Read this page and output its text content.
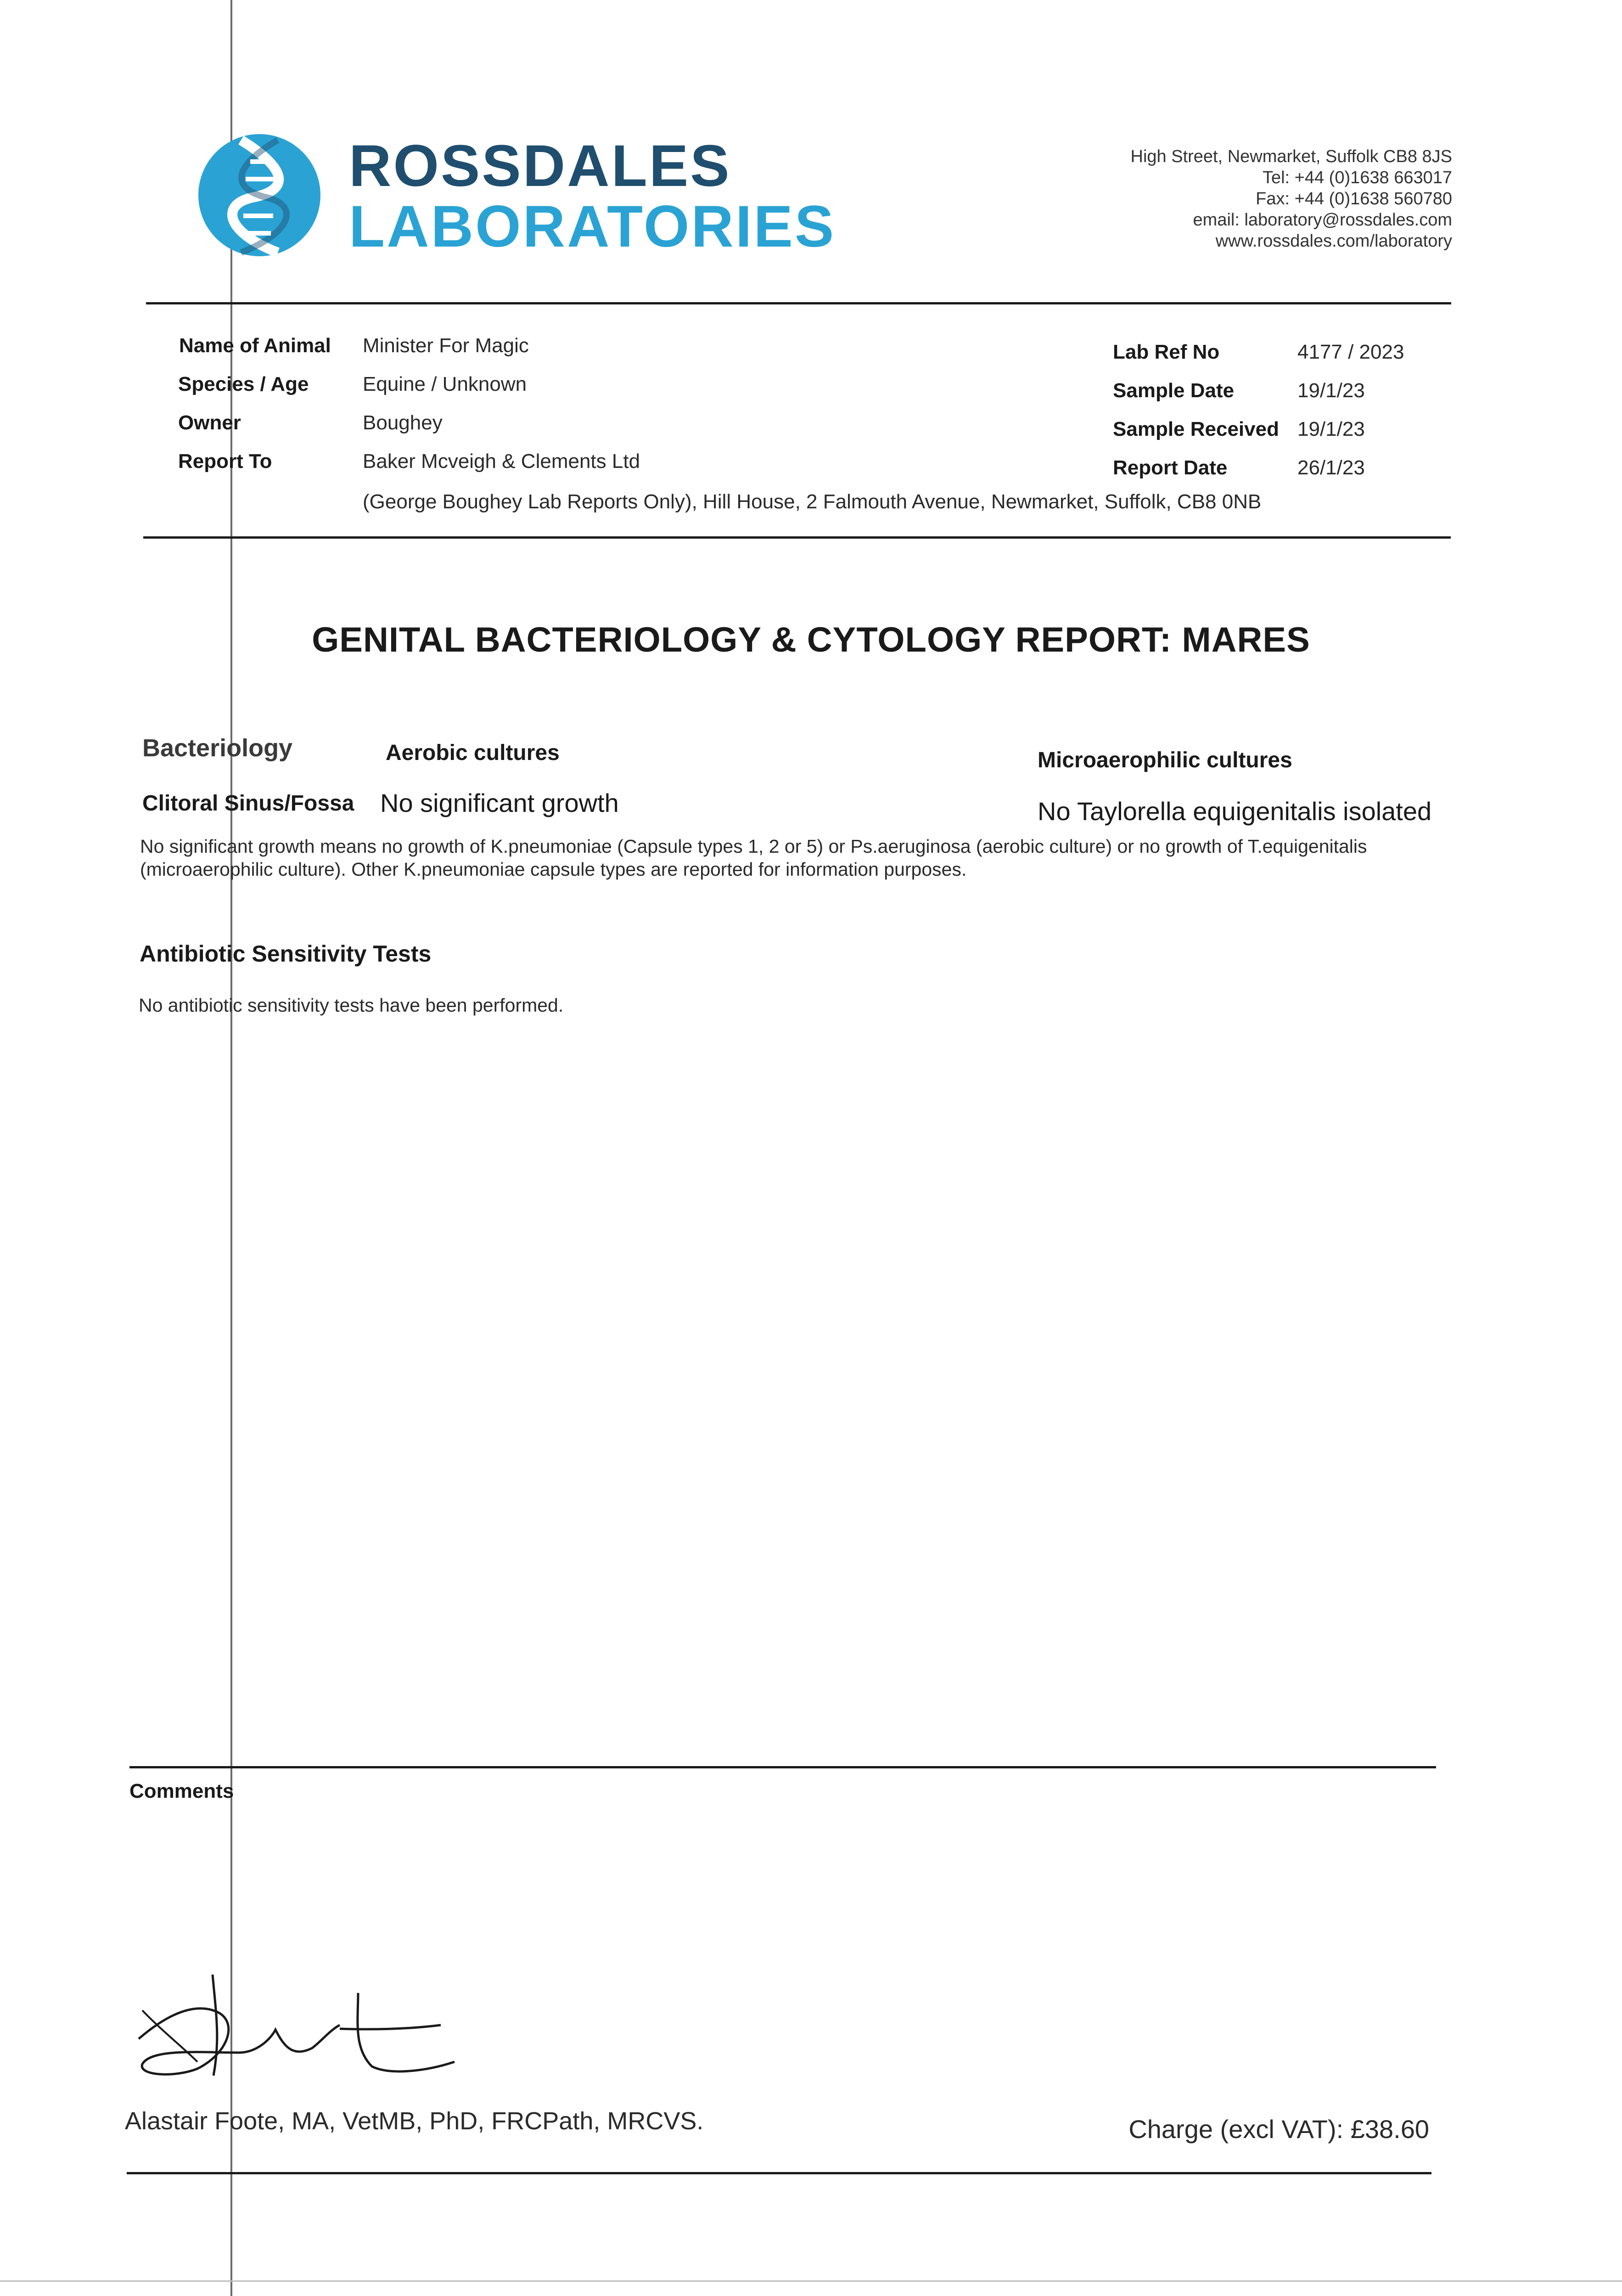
ROSSDALES
LABORATORIES
High Street, Newmarket, Suffolk CB8 8JS
Tel: +44 (0)1638 663017
Fax: +44 (0)1638 560780
email: laboratory@rossdales.com
www.rossdales.com/laboratory
Name of Animal Minister For Magic
Species / Age	Equine / Unknown
Owner	Boughey
Report To	Baker Mcveigh & Clements Ltd
(George Boughey Lab Reports Only), Hill House, 2 Falmouth Avenue, Newmarket, Suffolk, CB8 0NB
Lab Ref No	4177 / 2023
Sample Date	19/1/23
Sample Received 19/1/23
Report Date	26/1/23
GENITAL BACTERIOLOGY & CYTOLOGY REPORT: MARES
Bacteriology	Aerobic cultures	Microaerophilic cultures
Clitoral Sinus/Fossa No significant growth	No Taylorella equigenitalis isolated
No significant growth means no growth of K.pneumoniae (Capsule types 1, 2 or 5) or Ps.aeruginosa (aerobic culture) or no growth of T.equigenitalis
(microaerophilic culture). Other K.pneumoniae capsule types are reported for information purposes.
Antibiotic Sensitivity Tests
No antibiotic sensitivity tests have been performed.
Comments
Alastair Foote, MA, VetMB, PhD, FRCPath, MRCVS.	Charge (excl VAT): £38.60
